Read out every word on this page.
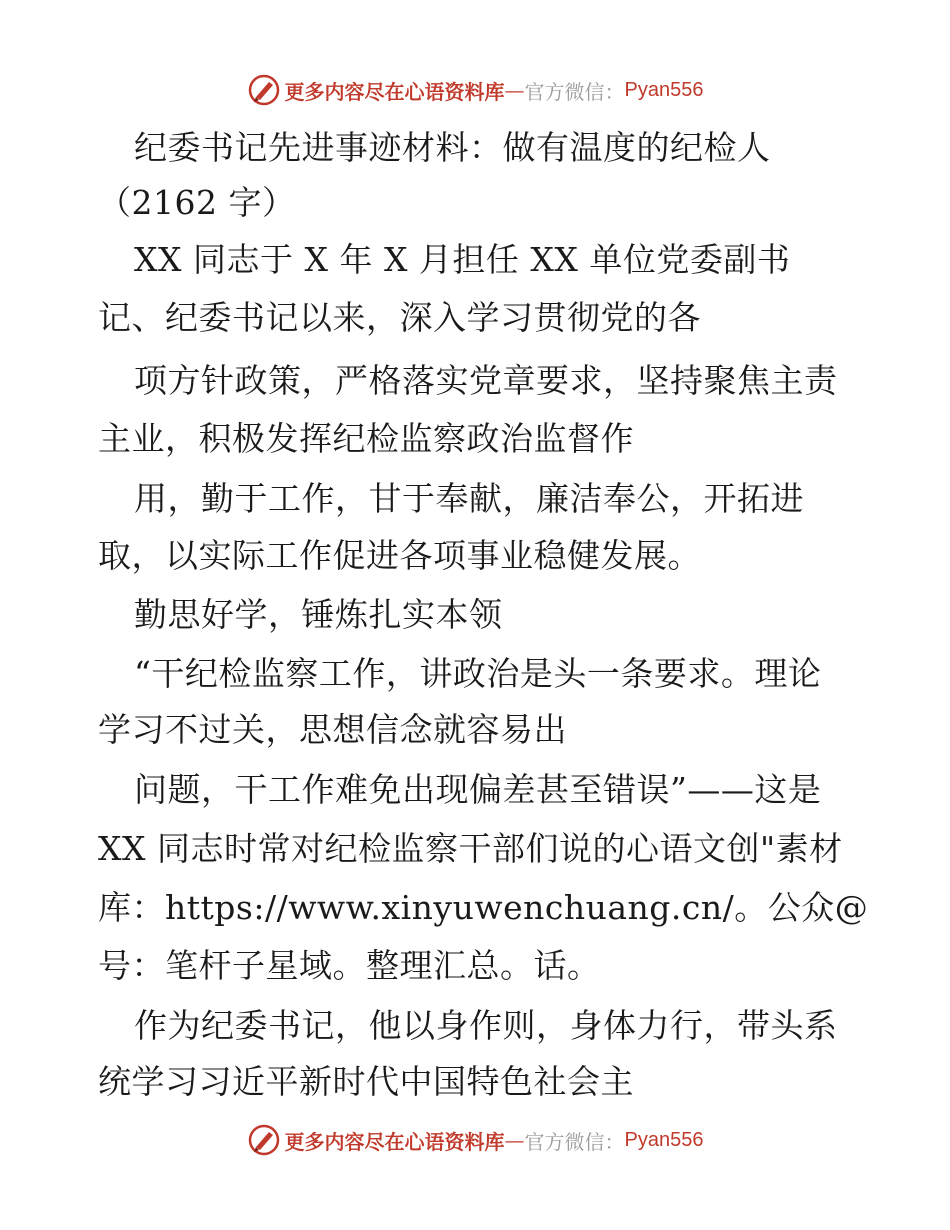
更多内容尽在心语资料库 — 官方微信： Pyan556
纪委书记先进事迹材料：做有温度的纪检人
（2162 字）
XX 同志于 X 年 X 月担任 XX 单位党委副书
记、纪委书记以来，深入学习贯彻党的各
项方针政策，严格落实党章要求，坚持聚焦主责
主业，积极发挥纪检监察政治监督作
用，勤于工作，甘于奉献，廉洁奉公，开拓进
取，以实际工作促进各项事业稳健发展。
勤思好学，锤炼扎实本领
“干纪检监察工作，讲政治是头一条要求。理论
学习不过关，思想信念就容易出
问题，干工作难免出现偏差甚至错误”——这是
XX 同志时常对纪检监察干部们说的心语文创"素材
库：https://www.xinyuwenchuang.cn/。公众@
号：笔杆子星域。整理汇总。话。
作为纪委书记，他以身作则，身体力行，带头系
统学习习近平新时代中国特色社会主
更多内容尽在心语资料库 — 官方微信： Pyan556
